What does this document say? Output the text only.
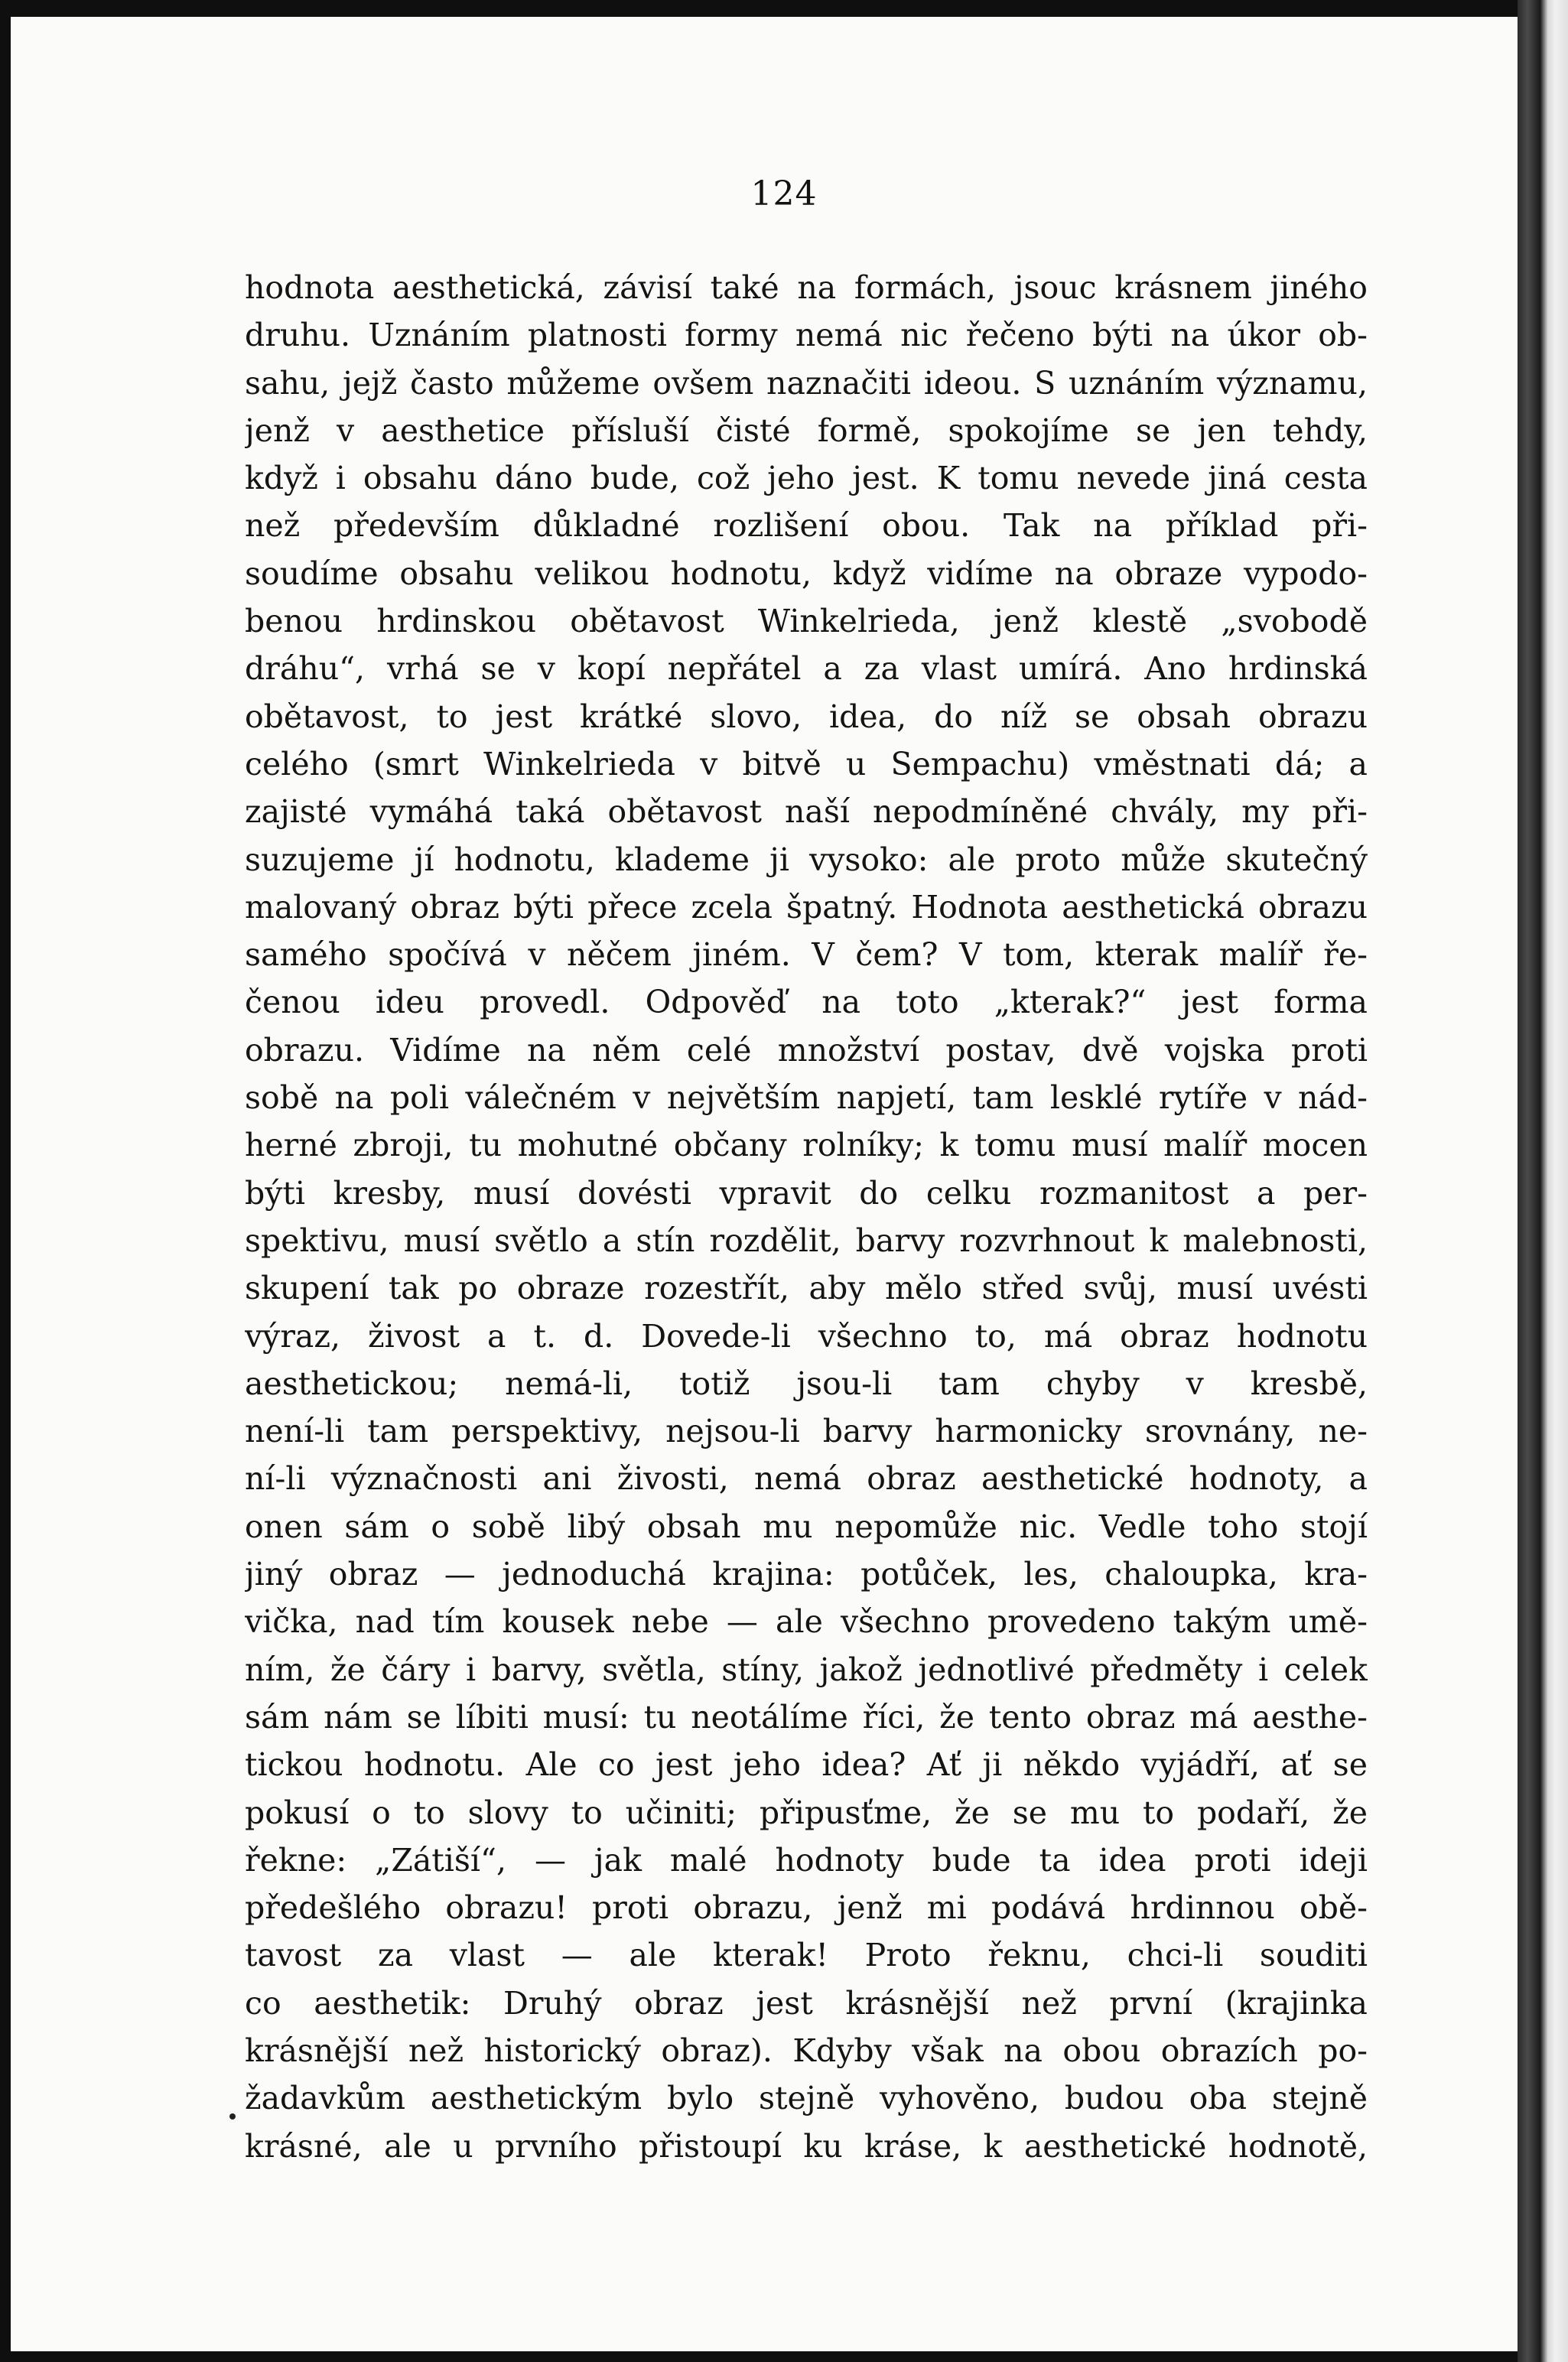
124
hodnota aesthetická, závisí také na formách, jsouc krásnem jiného
druhu. Uznáním platnosti formy nemá nic řečeno býti na úkor ob-
sahu, jejž často můžeme ovšem naznačiti ideou. S uznáním významu,
jenž v aesthetice přísluší čisté formě, spokojíme se jen tehdy,
když i obsahu dáno bude, což jeho jest. K tomu nevede jiná cesta
než především důkladné rozlišení obou. Tak na příklad při-
soudíme obsahu velikou hodnotu, když vidíme na obraze vypodo-
benou hrdinskou obětavost Winkelrieda, jenž klestě „svobodě
dráhu“, vrhá se v kopí nepřátel a za vlast umírá. Ano hrdinská
obětavost, to jest krátké slovo, idea, do níž se obsah obrazu
celého (smrt Winkelrieda v bitvě u Sempachu) vměstnati dá; a
zajisté vymáhá taká obětavost naší nepodmíněné chvály, my při-
suzujeme jí hodnotu, klademe ji vysoko: ale proto může skutečný
malovaný obraz býti přece zcela špatný. Hodnota aesthetická obrazu
samého spočívá v něčem jiném. V čem? V tom, kterak malíř ře-
čenou ideu provedl. Odpověď na toto „kterak?“ jest forma
obrazu. Vidíme na něm celé množství postav, dvě vojska proti
sobě na poli válečném v největším napjetí, tam lesklé rytíře v nád-
herné zbroji, tu mohutné občany rolníky; k tomu musí malíř mocen
býti kresby, musí dovésti vpravit do celku rozmanitost a per-
spektivu, musí světlo a stín rozdělit, barvy rozvrhnout k malebnosti,
skupení tak po obraze rozestřít, aby mělo střed svůj, musí uvésti
výraz, živost a t. d. Dovede-li všechno to, má obraz hodnotu
aesthetickou; nemá-li, totiž jsou-li tam chyby v kresbě,
není-li tam perspektivy, nejsou-li barvy harmonicky srovnány, ne-
ní-li význačnosti ani živosti, nemá obraz aesthetické hodnoty, a
onen sám o sobě libý obsah mu nepomůže nic. Vedle toho stojí
jiný obraz — jednoduchá krajina: potůček, les, chaloupka, kra-
vička, nad tím kousek nebe — ale všechno provedeno takým umě-
ním, že čáry i barvy, světla, stíny, jakož jednotlivé předměty i celek
sám nám se líbiti musí: tu neotálíme říci, že tento obraz má aesthe-
tickou hodnotu. Ale co jest jeho idea? Ať ji někdo vyjádří, ať se
pokusí o to slovy to učiniti; připusťme, že se mu to podaří, že
řekne: „Zátiší“, — jak malé hodnoty bude ta idea proti ideji
předešlého obrazu! proti obrazu, jenž mi podává hrdinnou obě-
tavost za vlast — ale kterak! Proto řeknu, chci-li souditi
co aesthetik: Druhý obraz jest krásnější než první (krajinka
krásnější než historický obraz). Kdyby však na obou obrazích po-
žadavkům aesthetickým bylo stejně vyhověno, budou oba stejně
krásné, ale u prvního přistoupí ku kráse, k aesthetické hodnotě,
